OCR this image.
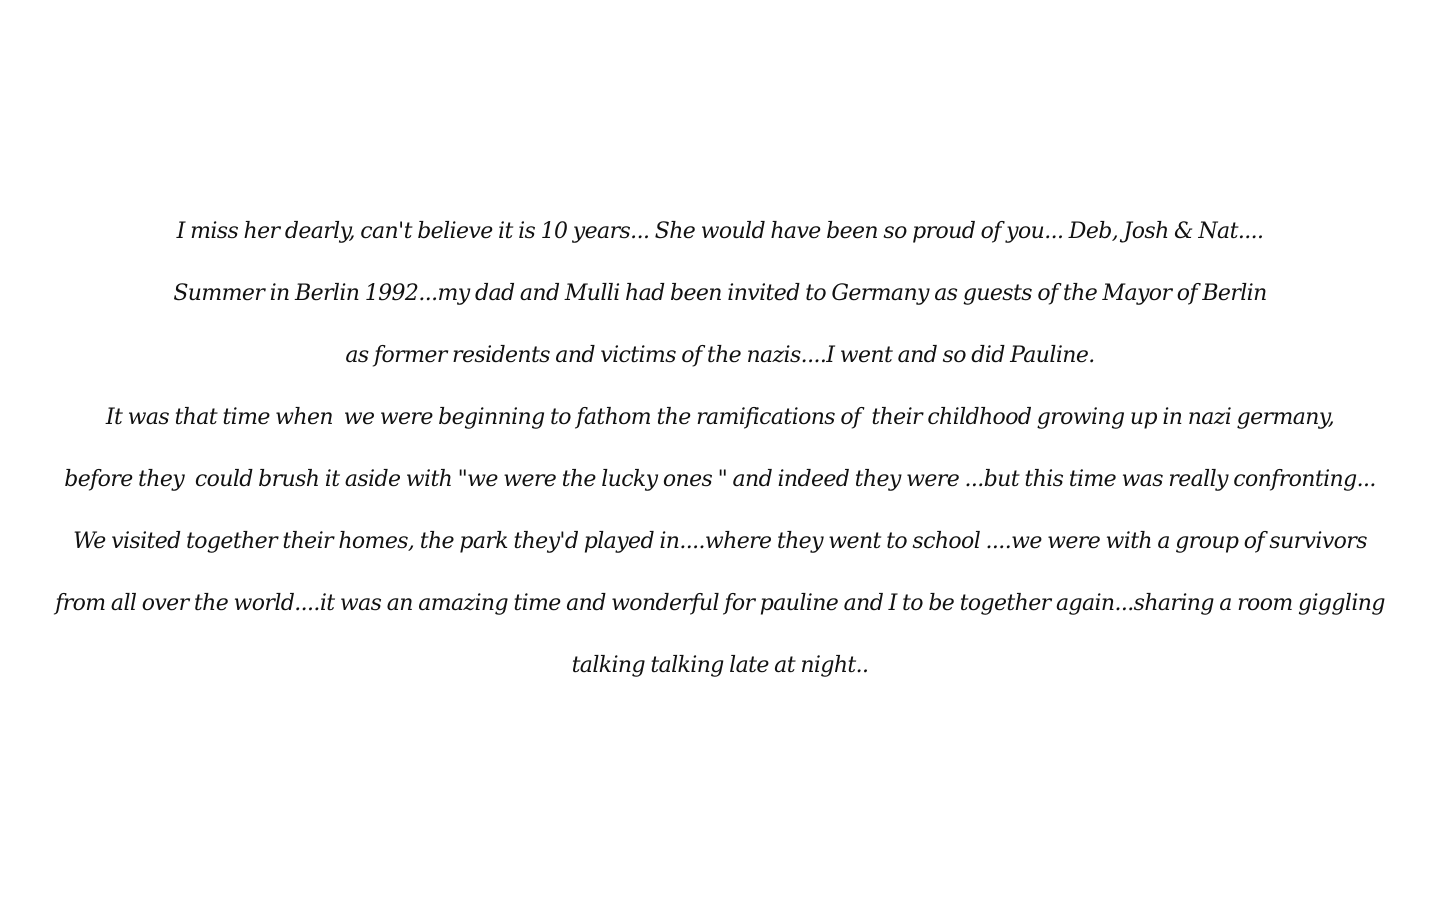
I miss her dearly, can't believe it is 10 years... She would have been so proud of you... Deb, Josh & Nat....
Summer in Berlin 1992...my dad and Mulli had been invited to Germany as guests of the Mayor of Berlin
as former residents and victims of the nazis....I went and so did Pauline.
It was that time when  we were beginning to fathom the ramifications of  their childhood growing up in nazi germany,
before they  could brush it aside with "we were the lucky ones " and indeed they were ...but this time was really confronting...
We visited together their homes, the park they'd played in....where they went to school ....we were with a group of survivors
from all over the world....it was an amazing time and wonderful for pauline and I to be together again...sharing a room giggling
talking talking late at night..
